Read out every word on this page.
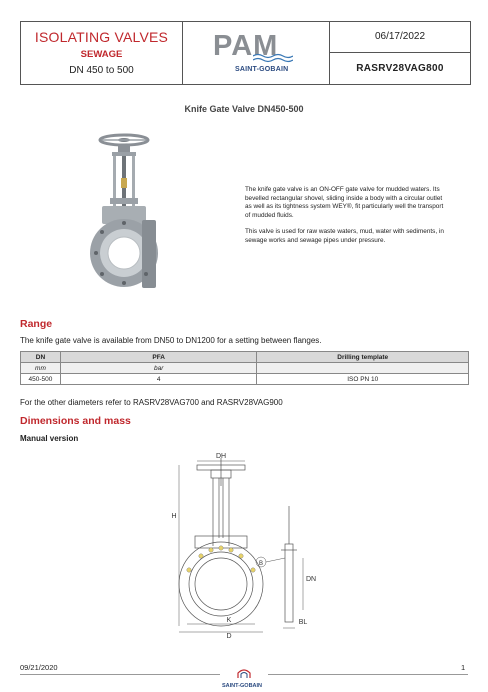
ISOLATING VALVES
SEWAGE
DN 450 to 500
PAM
SAINT-GOBAIN
06/17/2022
RASRV28VAG800
Knife Gate Valve DN450-500
The knife gate valve is an ON-OFF gate valve for mudded waters. Its
bevelled rectangular shovel, sliding inside a body with a circular outlet
as well as its tightness system WEY®, fit particularly well the transport
of mudded fluids.
This valve is used for raw waste waters, mud, water with sediments, in
sewage works and sewage pipes under pressure.
Range
The knife gate valve is available from DN50 to DN1200 for a setting between flanges.
DN	PFA	Drilling template
mm	bar	
450-500	4	ISO PN 10
For the other diameters refer to RASRV28VAG700 and RASRV28VAG900
Dimensions and mass
Manual version
DH
H
B
DN
K
D
BL
09/21/2020	1
SAINT-GOBAIN
